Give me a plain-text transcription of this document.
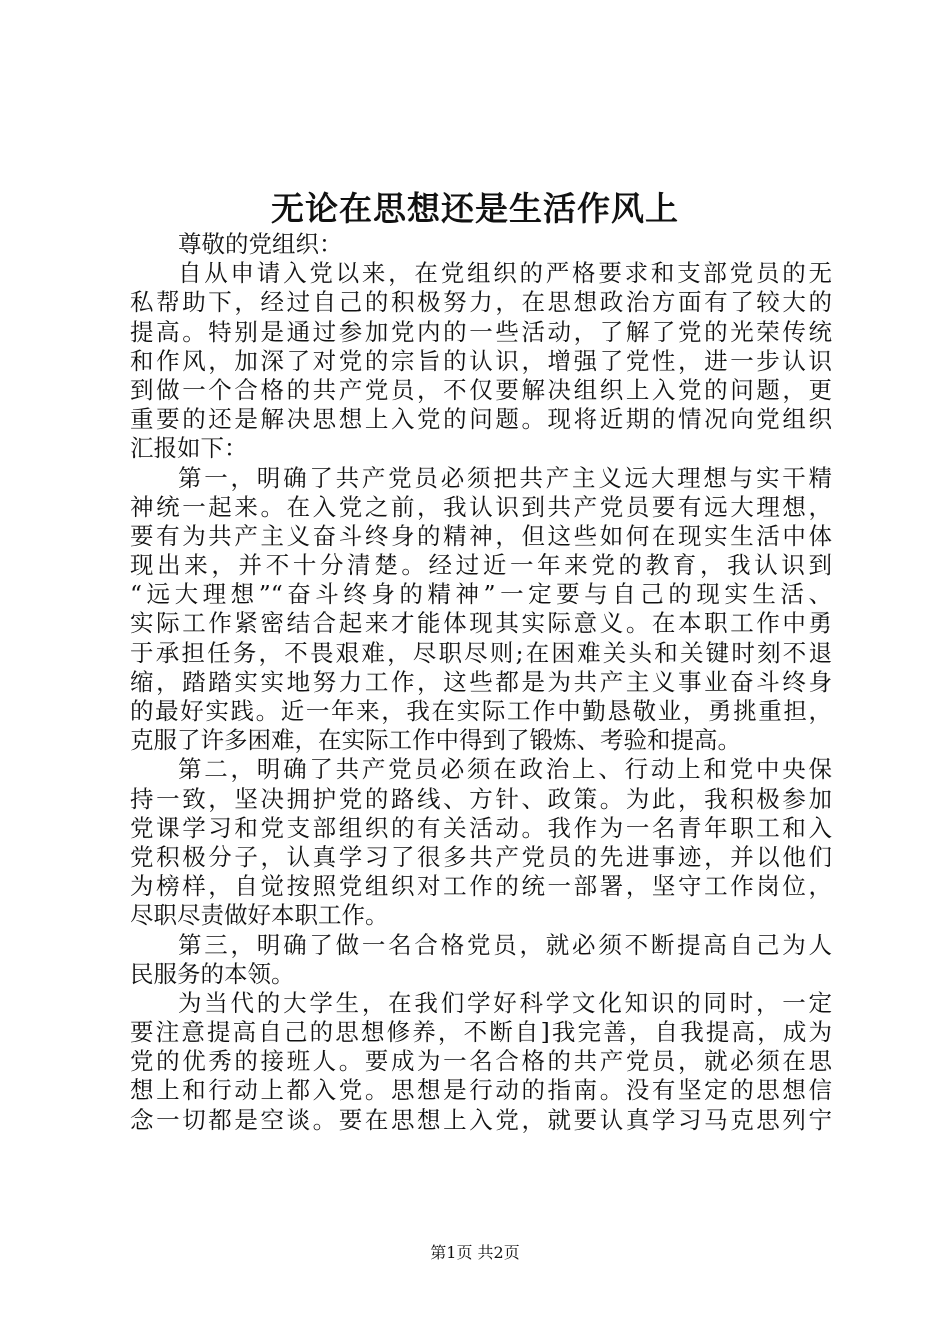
无论在思想还是生活作风上
尊敬的党组织：
自从申请入党以来，在党组织的严格要求和支部党员的无
私帮助下，经过自己的积极努力，在思想政治方面有了较大的
提高。特别是通过参加党内的一些活动，了解了党的光荣传统
和作风，加深了对党的宗旨的认识，增强了党性，进一步认识
到做一个合格的共产党员，不仅要解决组织上入党的问题，更
重要的还是解决思想上入党的问题。现将近期的情况向党组织
汇报如下：
第一，明确了共产党员必须把共产主义远大理想与实干精
神统一起来。在入党之前，我认识到共产党员要有远大理想，
要有为共产主义奋斗终身的精神，但这些如何在现实生活中体
现出来，并不十分清楚。经过近一年来党的教育，我认识到
“远大理想”“奋斗终身的精神”一定要与自己的现实生活、
实际工作紧密结合起来才能体现其实际意义。在本职工作中勇
于承担任务，不畏艰难，尽职尽则;在困难关头和关键时刻不退
缩，踏踏实实地努力工作，这些都是为共产主义事业奋斗终身
的最好实践。近一年来，我在实际工作中勤恳敬业，勇挑重担，
克服了许多困难，在实际工作中得到了锻炼、考验和提高。
第二，明确了共产党员必须在政治上、行动上和党中央保
持一致，坚决拥护党的路线、方针、政策。为此，我积极参加
党课学习和党支部组织的有关活动。我作为一名青年职工和入
党积极分子，认真学习了很多共产党员的先进事迹，并以他们
为榜样，自觉按照党组织对工作的统一部署，坚守工作岗位，
尽职尽责做好本职工作。
第三，明确了做一名合格党员，就必须不断提高自己为人
民服务的本领。
为当代的大学生，在我们学好科学文化知识的同时，一定
要注意提高自己的思想修养，不断自]我完善，自我提高，成为
党的优秀的接班人。要成为一名合格的共产党员，就必须在思
想上和行动上都入党。思想是行动的指南。没有坚定的思想信
念一切都是空谈。要在思想上入党，就要认真学习马克思列宁
第1页 共2页
